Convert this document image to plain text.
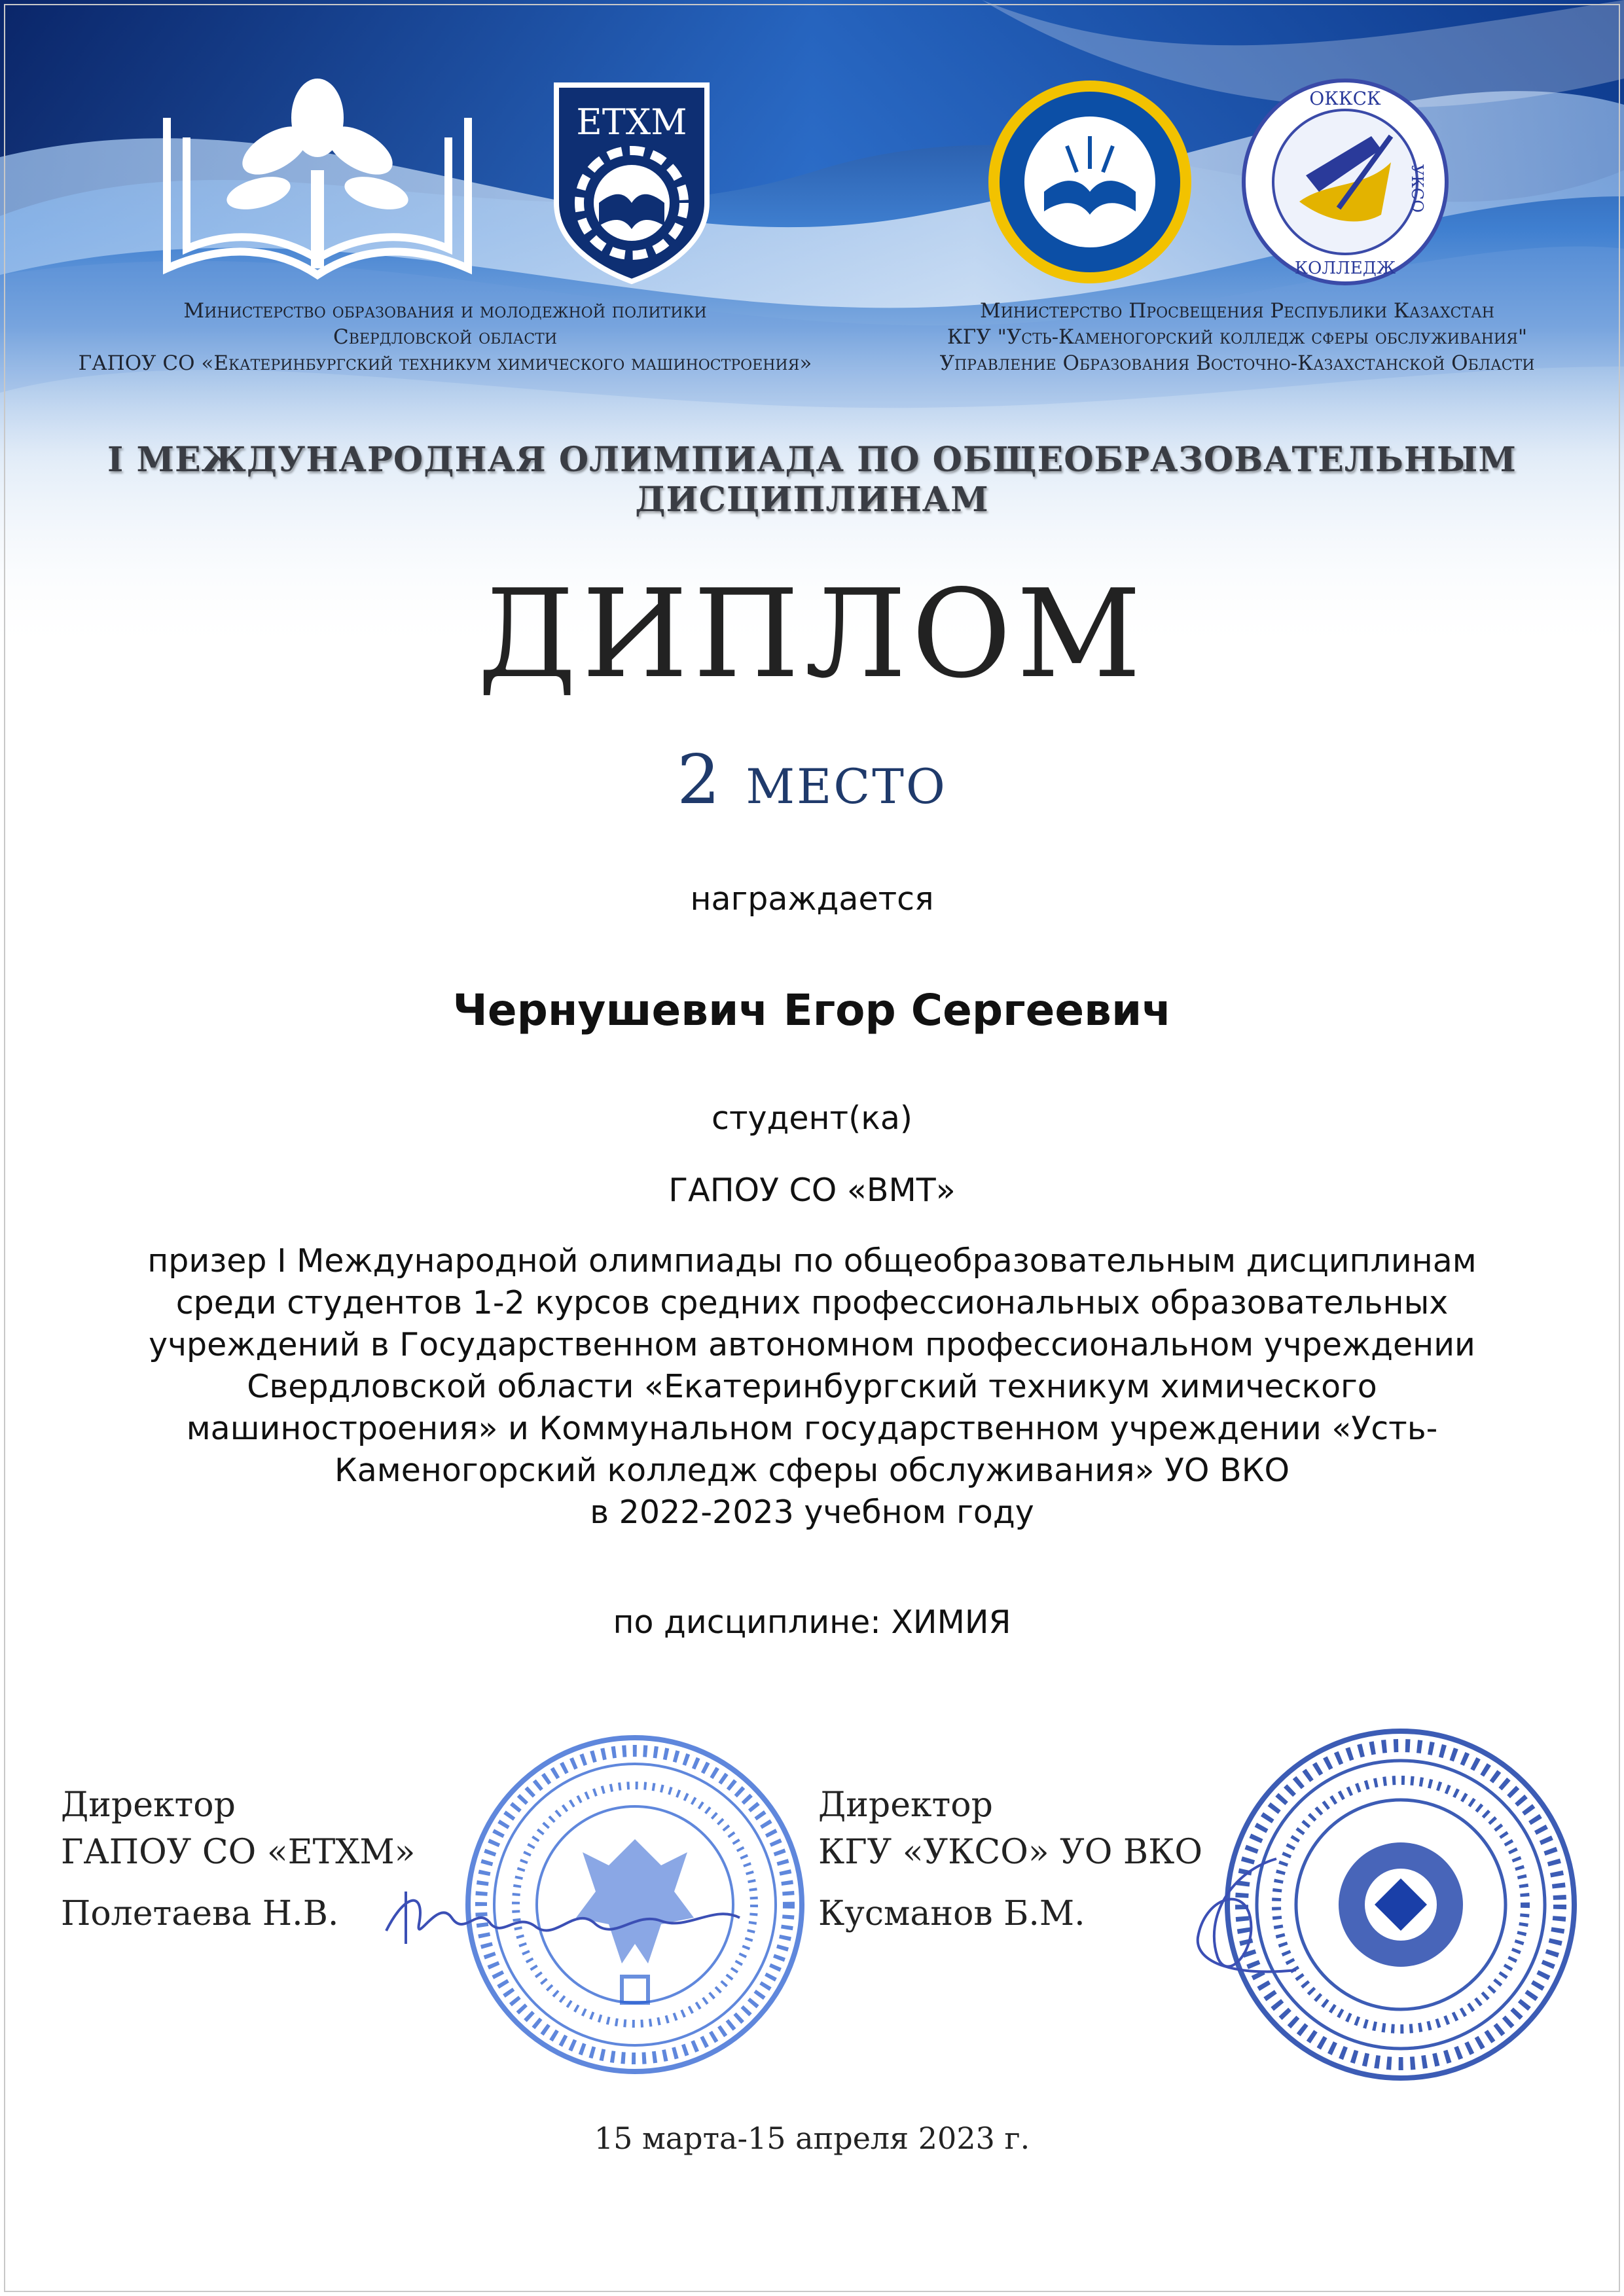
ЕТХМ
ОККСК
УКСО
КОЛЛЕДЖ
Министерство образования и молодежной политики
Свердловской области
ГАПОУ СО «Екатеринбургский техникум химического машиностроения»
Министерство Просвещения Республики Казахстан
КГУ "Усть-Каменогорский колледж сферы обслуживания"
Управление Образования Восточно-Казахстанской Области
I МЕЖДУНАРОДНАЯ ОЛИМПИАДА ПО ОБЩЕОБРАЗОВАТЕЛЬНЫМ ДИСЦИПЛИНАМ
ДИПЛОМ
2 место
награждается
Чернушевич Егор Сергеевич
студент(ка)
ГАПОУ СО «ВМТ»
призер I Международной олимпиады по общеобразовательным дисциплинам
среди студентов 1-2 курсов средних профессиональных образовательных
учреждений в Государственном автономном профессиональном учреждении
Свердловской области «Екатеринбургский техникум химического
машиностроения» и Коммунальном государственном учреждении «Усть-
Каменогорский колледж сферы обслуживания» УО ВКО
в 2022-2023 учебном году
по дисциплине: ХИМИЯ
Директор
ГАПОУ СО «ЕТХМ»
Полетаева Н.В.
Директор
КГУ «УКСО» УО ВКО
Кусманов Б.М.
15 марта-15 апреля 2023 г.
